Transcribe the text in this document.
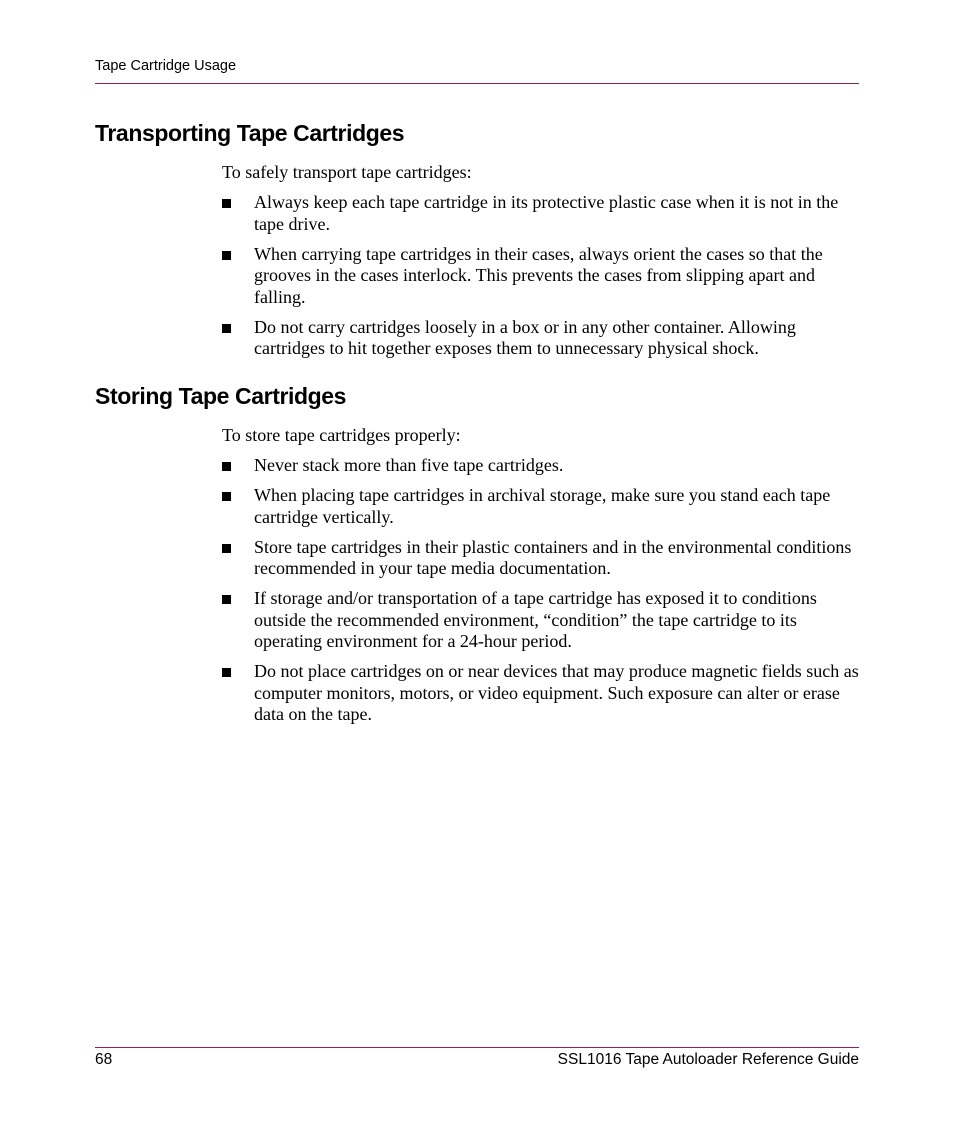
Tape Cartridge Usage
Transporting Tape Cartridges

To safely transport tape cartridges:

Always keep each tape cartridge in its protective plastic case when it is not in the tape drive.
When carrying tape cartridges in their cases, always orient the cases so that the grooves in the cases interlock. This prevents the cases from slipping apart and falling.
Do not carry cartridges loosely in a box or in any other container. Allowing cartridges to hit together exposes them to unnecessary physical shock.
Storing Tape Cartridges

To store tape cartridges properly:

Never stack more than five tape cartridges.
When placing tape cartridges in archival storage, make sure you stand each tape cartridge vertically.
Store tape cartridges in their plastic containers and in the environmental conditions recommended in your tape media documentation.
If storage and/or transportation of a tape cartridge has exposed it to conditions outside the recommended environment, “condition” the tape cartridge to its operating environment for a 24-hour period.
Do not place cartridges on or near devices that may produce magnetic fields such as computer monitors, motors, or video equipment. Such exposure can alter or erase data on the tape.
68	SSL1016 Tape Autoloader Reference Guide
